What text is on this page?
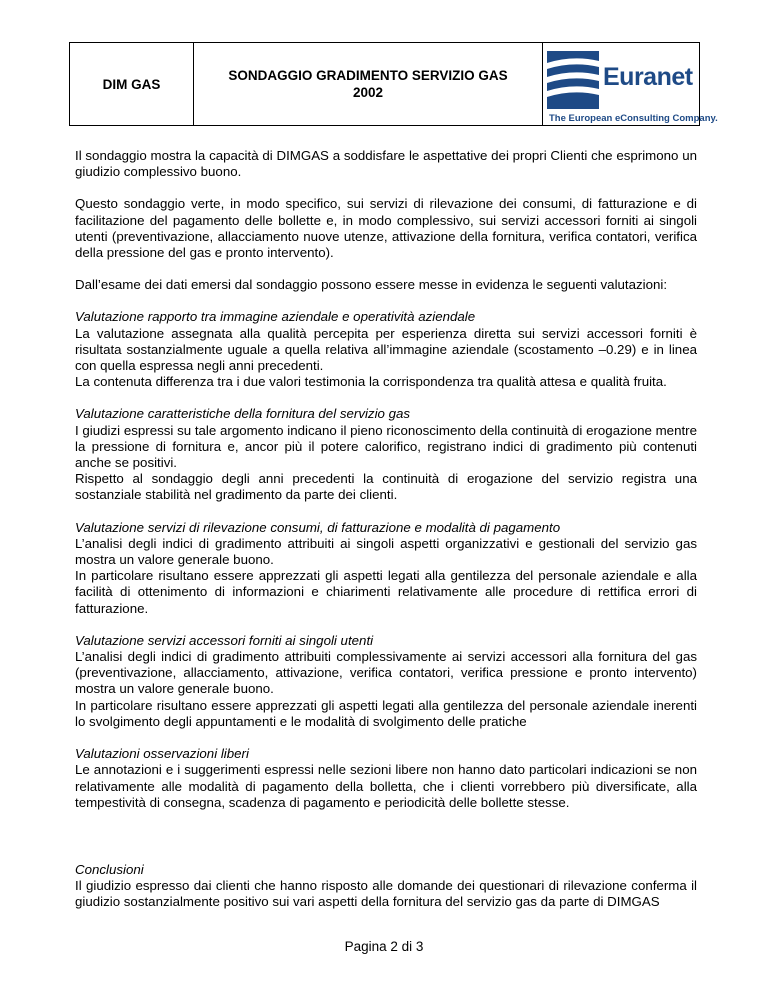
DIM GAS
SONDAGGIO GRADIMENTO SERVIZIO GAS
2002
Euranet
The European eConsulting Company.

Il sondaggio mostra la capacità di DIMGAS a soddisfare le aspettative dei propri Clienti che esprimono un giudizio complessivo buono.

Questo sondaggio verte, in modo specifico, sui servizi di rilevazione dei consumi, di fatturazione e di facilitazione del pagamento delle bollette e, in modo complessivo, sui servizi accessori forniti ai singoli utenti (preventivazione, allacciamento nuove utenze, attivazione della fornitura, verifica contatori, verifica della pressione del gas e pronto intervento).

Dall’esame dei dati emersi dal sondaggio possono essere messe in evidenza le seguenti valutazioni:

Valutazione rapporto tra immagine aziendale e operatività aziendale
La valutazione assegnata alla qualità percepita per esperienza diretta sui servizi accessori forniti è risultata sostanzialmente uguale a quella relativa all’immagine aziendale (scostamento –0.29) e in linea con quella espressa negli anni precedenti.
La contenuta differenza tra i due valori testimonia la corrispondenza tra qualità attesa e qualità fruita.
Valutazione caratteristiche della fornitura del servizio gas
I giudizi espressi su tale argomento indicano il pieno riconoscimento della continuità di erogazione mentre la pressione di fornitura e, ancor più il potere calorifico, registrano indici di gradimento più contenuti anche se positivi.
Rispetto al sondaggio degli anni precedenti la continuità di erogazione del servizio registra una sostanziale stabilità nel gradimento da parte dei clienti.
Valutazione servizi di rilevazione consumi, di fatturazione e modalità di pagamento
L’analisi degli indici di gradimento attribuiti ai singoli aspetti organizzativi e gestionali del servizio gas mostra un valore generale buono.
In particolare risultano essere apprezzati gli aspetti legati alla gentilezza del personale aziendale e alla facilità di ottenimento di informazioni e chiarimenti relativamente alle procedure di rettifica errori di fatturazione.
Valutazione servizi accessori forniti ai singoli utenti
L’analisi degli indici di gradimento attribuiti complessivamente ai servizi accessori alla fornitura del gas (preventivazione, allacciamento, attivazione, verifica contatori, verifica pressione e pronto intervento) mostra un valore generale buono.
In particolare risultano essere apprezzati gli aspetti legati alla gentilezza del personale aziendale inerenti lo svolgimento degli appuntamenti e le modalità di svolgimento delle pratiche
Valutazioni osservazioni liberi
Le annotazioni e i suggerimenti espressi nelle sezioni libere non hanno dato particolari indicazioni se non relativamente alle modalità di pagamento della bolletta, che i clienti vorrebbero più diversificate, alla tempestività di consegna, scadenza di pagamento e periodicità delle bollette stesse.
Conclusioni
Il giudizio espresso dai clienti che hanno risposto alle domande dei questionari di rilevazione conferma il giudizio sostanzialmente positivo sui vari aspetti della fornitura del servizio gas da parte di DIMGAS
Pagina 2 di 3
